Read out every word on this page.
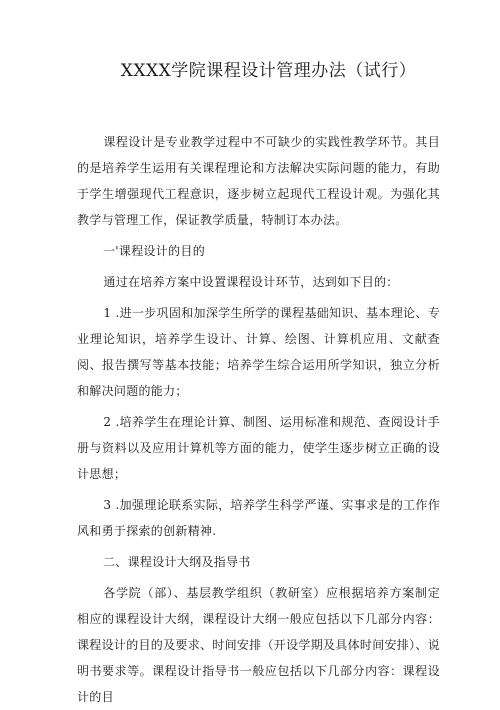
XXXX学院课程设计管理办法（试行）

课程设计是专业教学过程中不可缺少的实践性教学环节。其目的是培养学生运用有关课程理论和方法解决实际问题的能力，有助于学生增强现代工程意识，逐步树立起现代工程设计观。为强化其教学与管理工作，保证教学质量，特制订本办法。

一'课程设计的目的

通过在培养方案中设置课程设计环节，达到如下目的：

1 .进一步巩固和加深学生所学的课程基础知识、基本理论、专业理论知识，培养学生设计、计算、绘图、计算机应用、文献查阅、报告撰写等基本技能；培养学生综合运用所学知识，独立分析和解决问题的能力；

2 .培养学生在理论计算、制图、运用标准和规范、查阅设计手册与资料以及应用计算机等方面的能力，使学生逐步树立正确的设计思想；

3 .加强理论联系实际，培养学生科学严谨、实事求是的工作作风和勇于探索的创新精神.

二、课程设计大纲及指导书

各学院（部）、基层教学组织（教研室）应根据培养方案制定相应的课程设计大纲，课程设计大纲一般应包括以下几部分内容：课程设计的目的及要求、时间安排（开设学期及具体时间安排）、说明书要求等。课程设计指导书一般应包括以下几部分内容：课程设计的目
